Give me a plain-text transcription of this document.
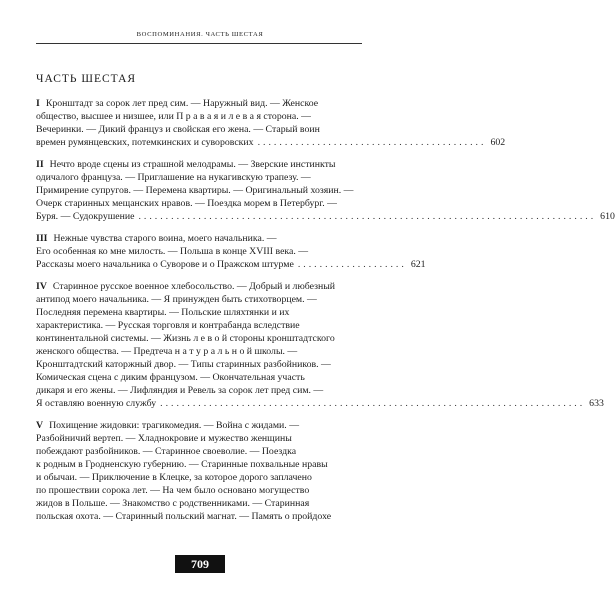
ВОСПОМИНАНИЯ. ЧАСТЬ ШЕСТАЯ
ЧАСТЬ ШЕСТАЯ
I Кронштадт за сорок лет пред сим. — Наружный вид. — Женское
общество, высшее и низшее, или П р а в а я и л е в а я сторона. —
Вечеринки. — Дикий француз и свойская его жена. — Старый воин
времен румянцевских, потемкинских и суворовских .......................................... 602
II Нечто вроде сцены из страшной мелодрамы. — Зверские инстинкты
одичалого француза. — Приглашение на нукагивскую трапезу. —
Примирение супругов. — Перемена квартиры. — Оригинальный хозяин. —
Очерк старинных мещанских нравов. — Поездка морем в Петербург. —
Буря. — Судокрушение .................................................................................... 610
III Нежные чувства старого воина, моего начальника. —
Его особенная ко мне милость. — Польша в конце XVIII века. —
Рассказы моего начальника о Суворове и о Пражском штурме .................... 621
IV Старинное русское военное хлебосольство. — Добрый и любезный
антипод моего начальника. — Я принужден быть стихотворцем. —
Последняя перемена квартиры. — Польские шляхтянки и их
характеристика. — Русская торговля и контрабанда вследствие
континентальной системы. — Жизнь л е в о й стороны кронштадтского
женского общества. — Предтеча н а т у р а л ь н о й школы. —
Кронштадтский каторжный двор. — Типы старинных разбойников. —
Комическая сцена с диким французом. — Окончательная участь
дикаря и его жены. — Лифляндия и Ревель за сорок лет пред сим. —
Я оставляю военную службу .............................................................................. 633
V Похищение жидовки: трагикомедия. — Война с жидами. —
Разбойничий вертеп. — Хладнокровие и мужество женщины
побеждают разбойников. — Старинное своеволие. — Поездка
к родным в Гродненскую губернию. — Старинные похвальные нравы
и обычаи. — Приключение в Клецке, за которое дорого заплачено
по прошествии сорока лет. — На чем было основано могущество
жидов в Польше. — Знакомство с родственниками. — Старинная
польская охота. — Старинный польский магнат. — Память о пройдохе
709
